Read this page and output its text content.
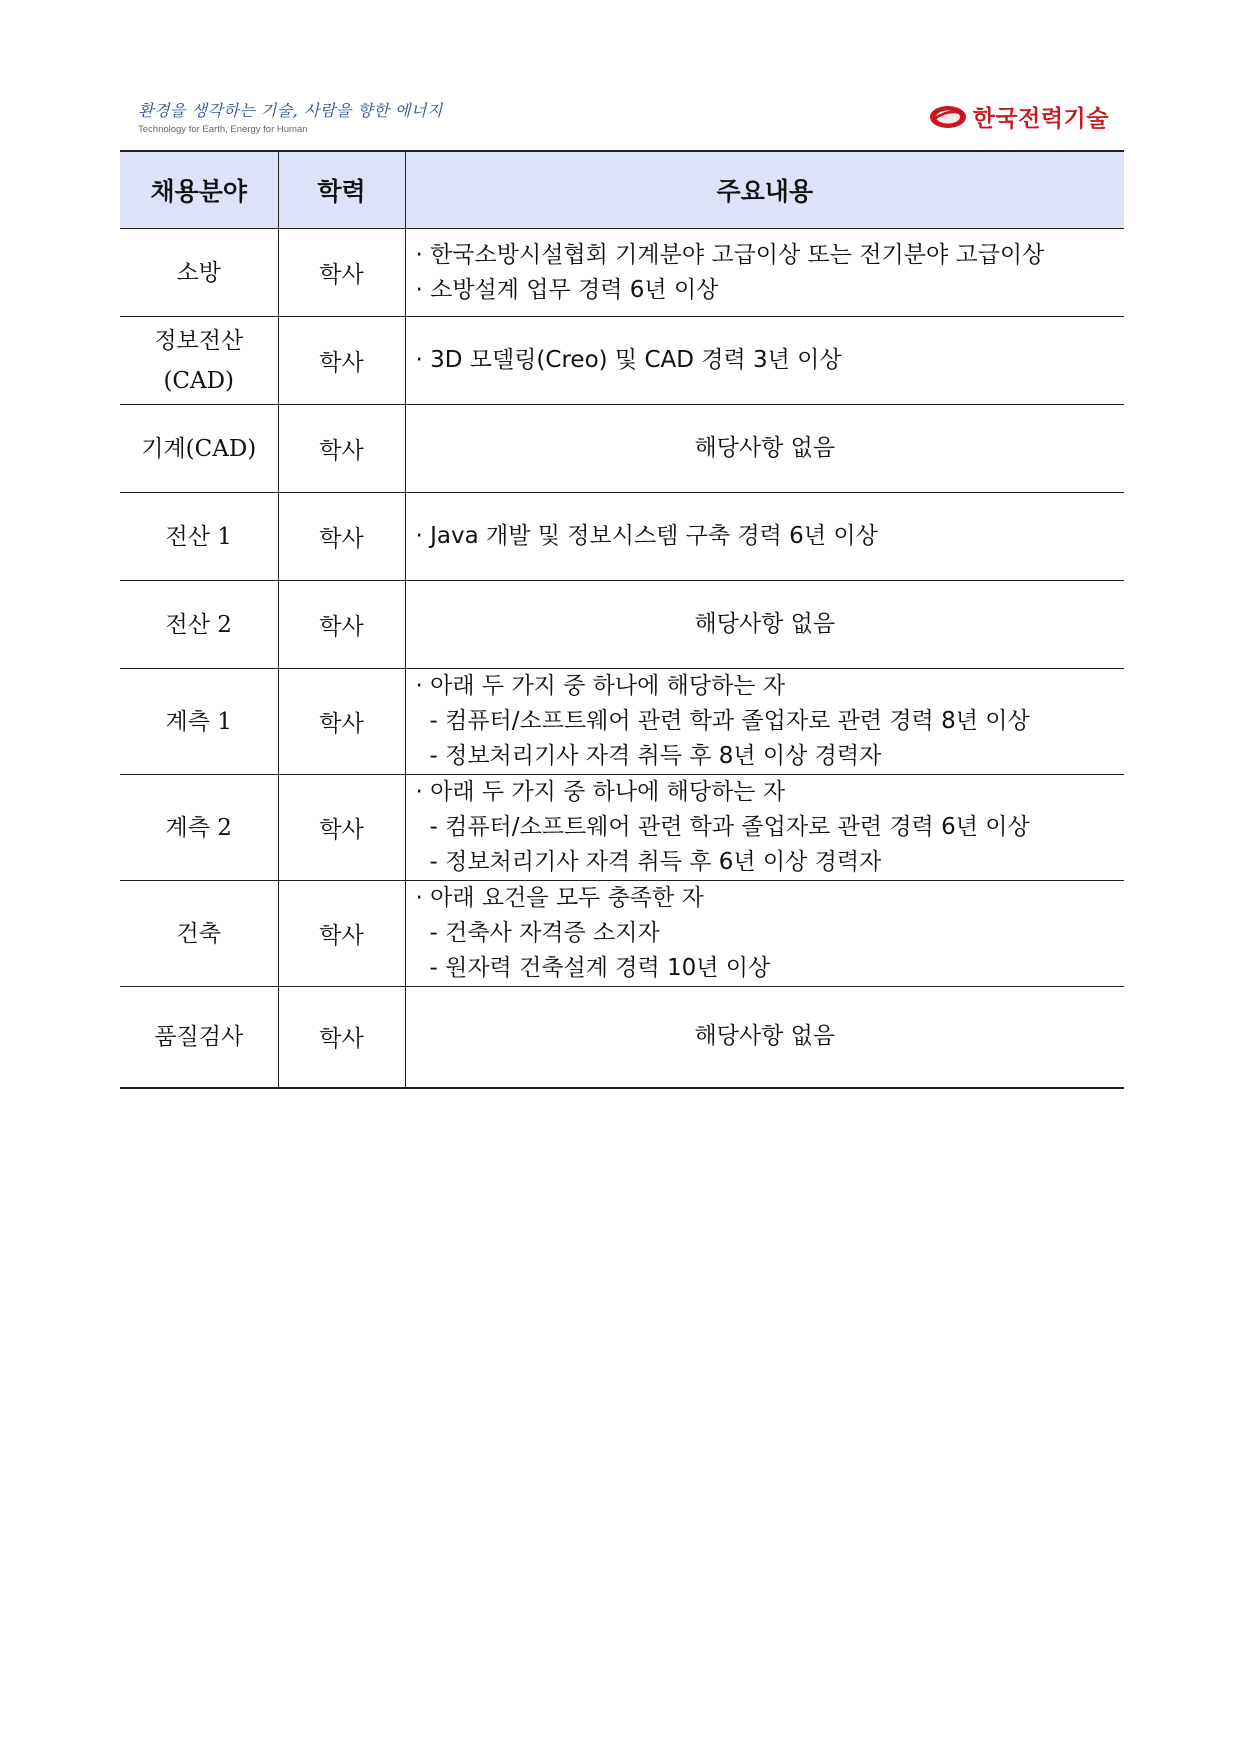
환경을 생각하는 기술, 사람을 향한 에너지
Technology for Earth, Energy for Human	한국전력기술
채용분야	학력	주요내용

소방	학사	· 한국소방시설협회 기계분야 고급이상 또는 전기분야 고급이상
· 소방설계 업무 경력 6년 이상

정보전산
(CAD)	학사	· 3D 모델링(Creo) 및 CAD 경력 3년 이상

기계(CAD)	학사	해당사항 없음

전산 1	학사	· Java 개발 및 정보시스템 구축 경력 6년 이상

전산 2	학사	해당사항 없음

계측 1	학사	· 아래 두 가지 중 하나에 해당하는 자
- 컴퓨터/소프트웨어 관련 학과 졸업자로 관련 경력 8년 이상
- 정보처리기사 자격 취득 후 8년 이상 경력자

계측 2	학사	· 아래 두 가지 중 하나에 해당하는 자
- 컴퓨터/소프트웨어 관련 학과 졸업자로 관련 경력 6년 이상
- 정보처리기사 자격 취득 후 6년 이상 경력자

건축	학사	· 아래 요건을 모두 충족한 자
- 건축사 자격증 소지자
- 원자력 건축설계 경력 10년 이상

품질검사	학사	해당사항 없음
